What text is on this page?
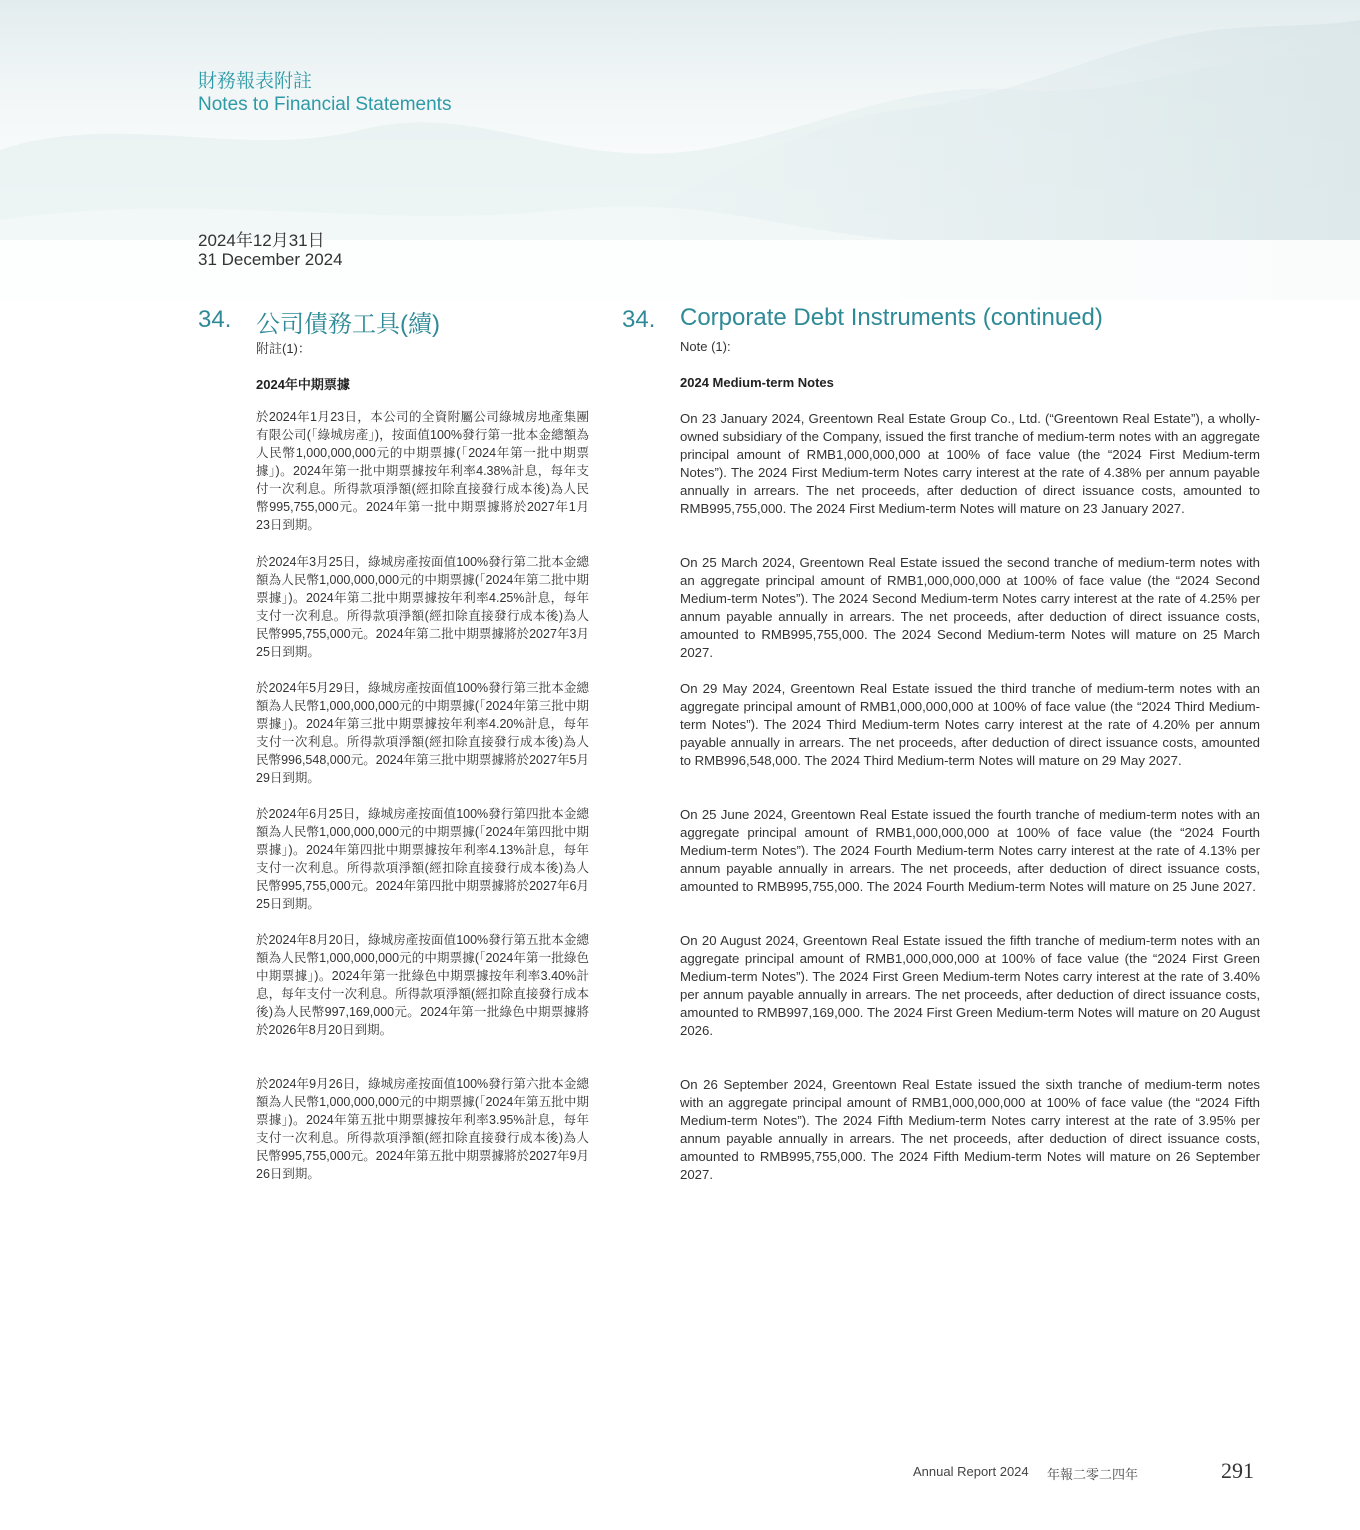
財務報表附註
Notes to Financial Statements
2024年12月31日
31 December 2024
34. 公司債務工具(續)
附註(1)：
2024年中期票據

於2024年1月23日，本公司的全資附屬公司綠城房地產集團有限公司(「綠城房產」)，按面值100%發行第一批本金總額為人民幣1,000,000,000元的中期票據(「2024年第一批中期票據」)。2024年第一批中期票據按年利率4.38%計息，每年支付一次利息。所得款項淨額(經扣除直接發行成本後)為人民幣995,755,000元。2024年第一批中期票據將於2027年1月23日到期。

於2024年3月25日，綠城房產按面值100%發行第二批本金總額為人民幣1,000,000,000元的中期票據(「2024年第二批中期票據」)。2024年第二批中期票據按年利率4.25%計息，每年支付一次利息。所得款項淨額(經扣除直接發行成本後)為人民幣995,755,000元。2024年第二批中期票據將於2027年3月25日到期。

於2024年5月29日，綠城房產按面值100%發行第三批本金總額為人民幣1,000,000,000元的中期票據(「2024年第三批中期票據」)。2024年第三批中期票據按年利率4.20%計息，每年支付一次利息。所得款項淨額(經扣除直接發行成本後)為人民幣996,548,000元。2024年第三批中期票據將於2027年5月29日到期。

於2024年6月25日，綠城房產按面值100%發行第四批本金總額為人民幣1,000,000,000元的中期票據(「2024年第四批中期票據」)。2024年第四批中期票據按年利率4.13%計息，每年支付一次利息。所得款項淨額(經扣除直接發行成本後)為人民幣995,755,000元。2024年第四批中期票據將於2027年6月25日到期。

於2024年8月20日，綠城房產按面值100%發行第五批本金總額為人民幣1,000,000,000元的中期票據(「2024年第一批綠色中期票據」)。2024年第一批綠色中期票據按年利率3.40%計息，每年支付一次利息。所得款項淨額(經扣除直接發行成本後)為人民幣997,169,000元。2024年第一批綠色中期票據將於2026年8月20日到期。

於2024年9月26日，綠城房產按面值100%發行第六批本金總額為人民幣1,000,000,000元的中期票據(「2024年第五批中期票據」)。2024年第五批中期票據按年利率3.95%計息，每年支付一次利息。所得款項淨額(經扣除直接發行成本後)為人民幣995,755,000元。2024年第五批中期票據將於2027年9月26日到期。

34. Corporate Debt Instruments (continued)
Note (1):
2024 Medium-term Notes

On 23 January 2024, Greentown Real Estate Group Co., Ltd. (“Greentown Real Estate”), a wholly-owned subsidiary of the Company, issued the first tranche of medium-term notes with an aggregate principal amount of RMB1,000,000,000 at 100% of face value (the “2024 First Medium-term Notes”). The 2024 First Medium-term Notes carry interest at the rate of 4.38% per annum payable annually in arrears. The net proceeds, after deduction of direct issuance costs, amounted to RMB995,755,000. The 2024 First Medium-term Notes will mature on 23 January 2027.

On 25 March 2024, Greentown Real Estate issued the second tranche of medium-term notes with an aggregate principal amount of RMB1,000,000,000 at 100% of face value (the “2024 Second Medium-term Notes”). The 2024 Second Medium-term Notes carry interest at the rate of 4.25% per annum payable annually in arrears. The net proceeds, after deduction of direct issuance costs, amounted to RMB995,755,000. The 2024 Second Medium-term Notes will mature on 25 March 2027.

On 29 May 2024, Greentown Real Estate issued the third tranche of medium-term notes with an aggregate principal amount of RMB1,000,000,000 at 100% of face value (the “2024 Third Medium-term Notes”). The 2024 Third Medium-term Notes carry interest at the rate of 4.20% per annum payable annually in arrears. The net proceeds, after deduction of direct issuance costs, amounted to RMB996,548,000. The 2024 Third Medium-term Notes will mature on 29 May 2027.

On 25 June 2024, Greentown Real Estate issued the fourth tranche of medium-term notes with an aggregate principal amount of RMB1,000,000,000 at 100% of face value (the “2024 Fourth Medium-term Notes”). The 2024 Fourth Medium-term Notes carry interest at the rate of 4.13% per annum payable annually in arrears. The net proceeds, after deduction of direct issuance costs, amounted to RMB995,755,000. The 2024 Fourth Medium-term Notes will mature on 25 June 2027.

On 20 August 2024, Greentown Real Estate issued the fifth tranche of medium-term notes with an aggregate principal amount of RMB1,000,000,000 at 100% of face value (the “2024 First Green Medium-term Notes”). The 2024 First Green Medium-term Notes carry interest at the rate of 3.40% per annum payable annually in arrears. The net proceeds, after deduction of direct issuance costs, amounted to RMB997,169,000. The 2024 First Green Medium-term Notes will mature on 20 August 2026.

On 26 September 2024, Greentown Real Estate issued the sixth tranche of medium-term notes with an aggregate principal amount of RMB1,000,000,000 at 100% of face value (the “2024 Fifth Medium-term Notes”). The 2024 Fifth Medium-term Notes carry interest at the rate of 3.95% per annum payable annually in arrears. The net proceeds, after deduction of direct issuance costs, amounted to RMB995,755,000. The 2024 Fifth Medium-term Notes will mature on 26 September 2027.

Annual Report 2024 年報二零二四年	291
